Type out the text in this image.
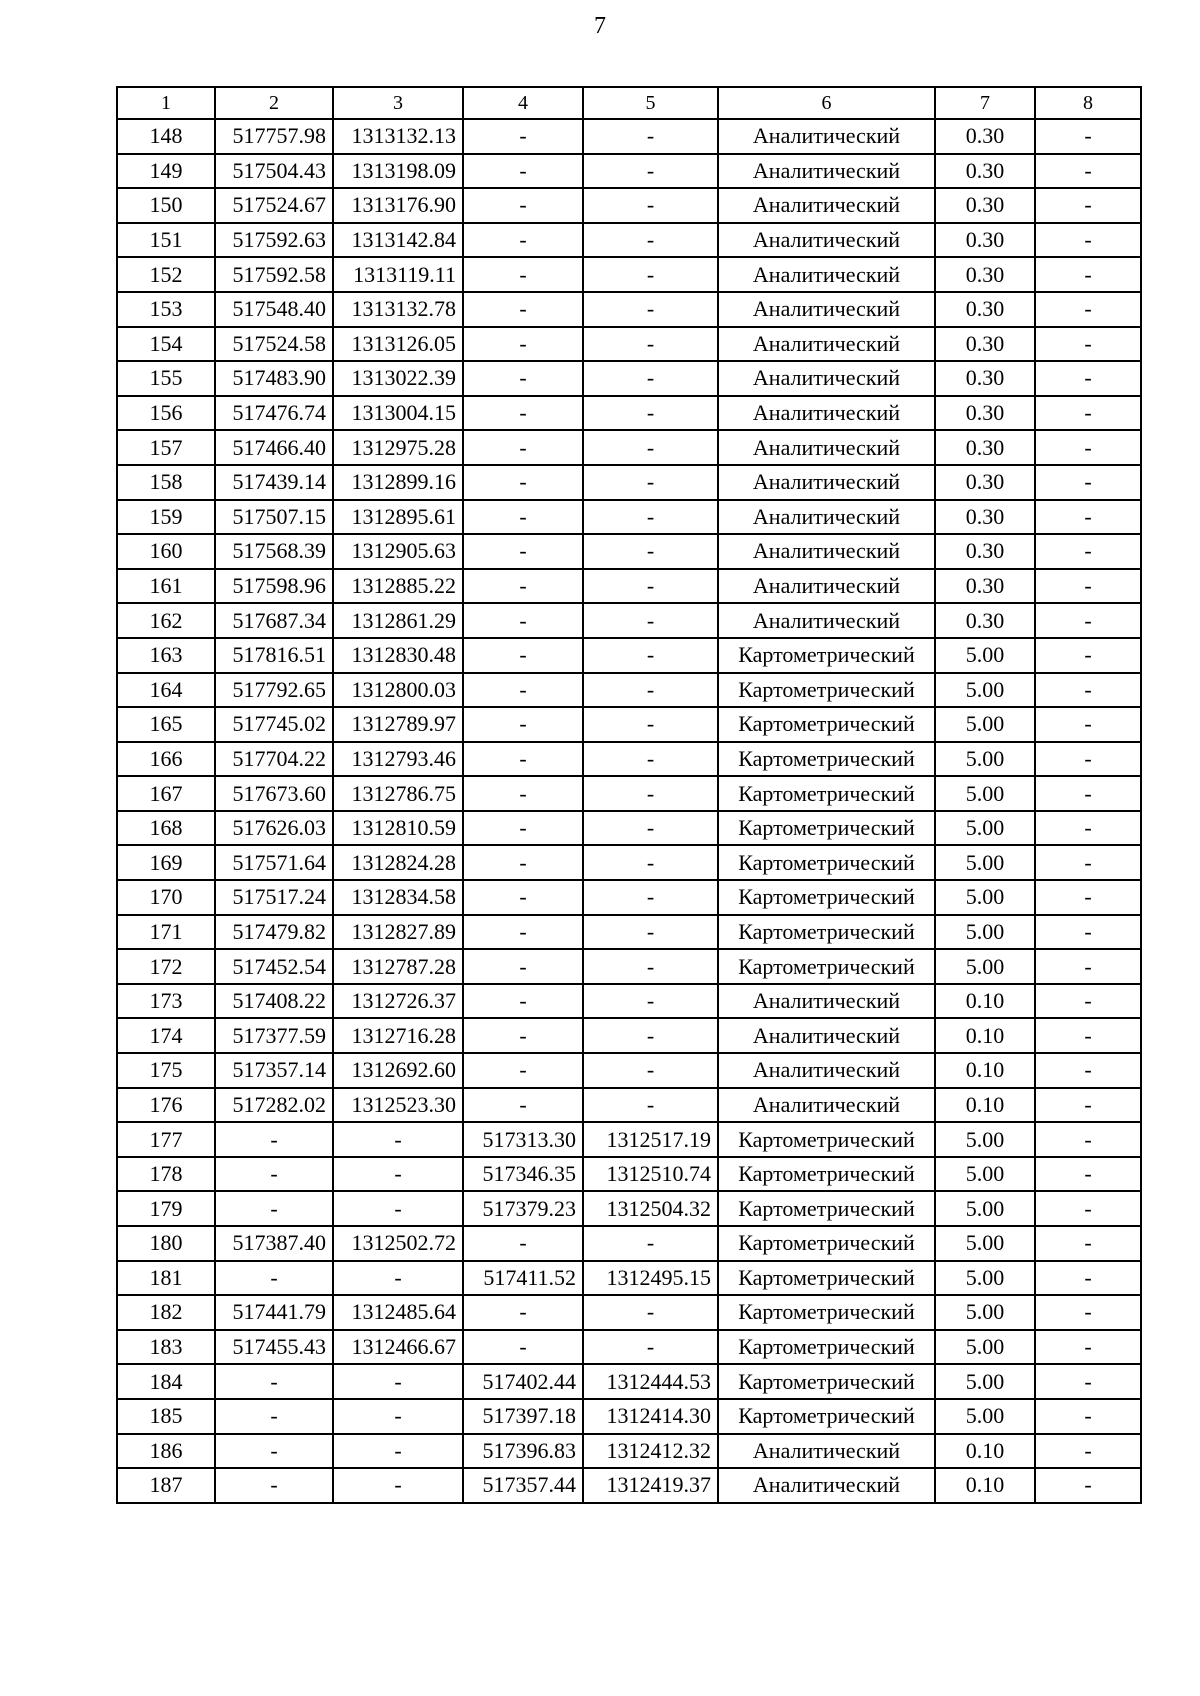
7
1	2	3	4	5	6	7	8
148	517757.98	1313132.13	-	-	Аналитический	0.30	-
149	517504.43	1313198.09	-	-	Аналитический	0.30	-
150	517524.67	1313176.90	-	-	Аналитический	0.30	-
151	517592.63	1313142.84	-	-	Аналитический	0.30	-
152	517592.58	1313119.11	-	-	Аналитический	0.30	-
153	517548.40	1313132.78	-	-	Аналитический	0.30	-
154	517524.58	1313126.05	-	-	Аналитический	0.30	-
155	517483.90	1313022.39	-	-	Аналитический	0.30	-
156	517476.74	1313004.15	-	-	Аналитический	0.30	-
157	517466.40	1312975.28	-	-	Аналитический	0.30	-
158	517439.14	1312899.16	-	-	Аналитический	0.30	-
159	517507.15	1312895.61	-	-	Аналитический	0.30	-
160	517568.39	1312905.63	-	-	Аналитический	0.30	-
161	517598.96	1312885.22	-	-	Аналитический	0.30	-
162	517687.34	1312861.29	-	-	Аналитический	0.30	-
163	517816.51	1312830.48	-	-	Картометрический	5.00	-
164	517792.65	1312800.03	-	-	Картометрический	5.00	-
165	517745.02	1312789.97	-	-	Картометрический	5.00	-
166	517704.22	1312793.46	-	-	Картометрический	5.00	-
167	517673.60	1312786.75	-	-	Картометрический	5.00	-
168	517626.03	1312810.59	-	-	Картометрический	5.00	-
169	517571.64	1312824.28	-	-	Картометрический	5.00	-
170	517517.24	1312834.58	-	-	Картометрический	5.00	-
171	517479.82	1312827.89	-	-	Картометрический	5.00	-
172	517452.54	1312787.28	-	-	Картометрический	5.00	-
173	517408.22	1312726.37	-	-	Аналитический	0.10	-
174	517377.59	1312716.28	-	-	Аналитический	0.10	-
175	517357.14	1312692.60	-	-	Аналитический	0.10	-
176	517282.02	1312523.30	-	-	Аналитический	0.10	-
177	-	-	517313.30	1312517.19	Картометрический	5.00	-
178	-	-	517346.35	1312510.74	Картометрический	5.00	-
179	-	-	517379.23	1312504.32	Картометрический	5.00	-
180	517387.40	1312502.72	-	-	Картометрический	5.00	-
181	-	-	517411.52	1312495.15	Картометрический	5.00	-
182	517441.79	1312485.64	-	-	Картометрический	5.00	-
183	517455.43	1312466.67	-	-	Картометрический	5.00	-
184	-	-	517402.44	1312444.53	Картометрический	5.00	-
185	-	-	517397.18	1312414.30	Картометрический	5.00	-
186	-	-	517396.83	1312412.32	Аналитический	0.10	-
187	-	-	517357.44	1312419.37	Аналитический	0.10	-
